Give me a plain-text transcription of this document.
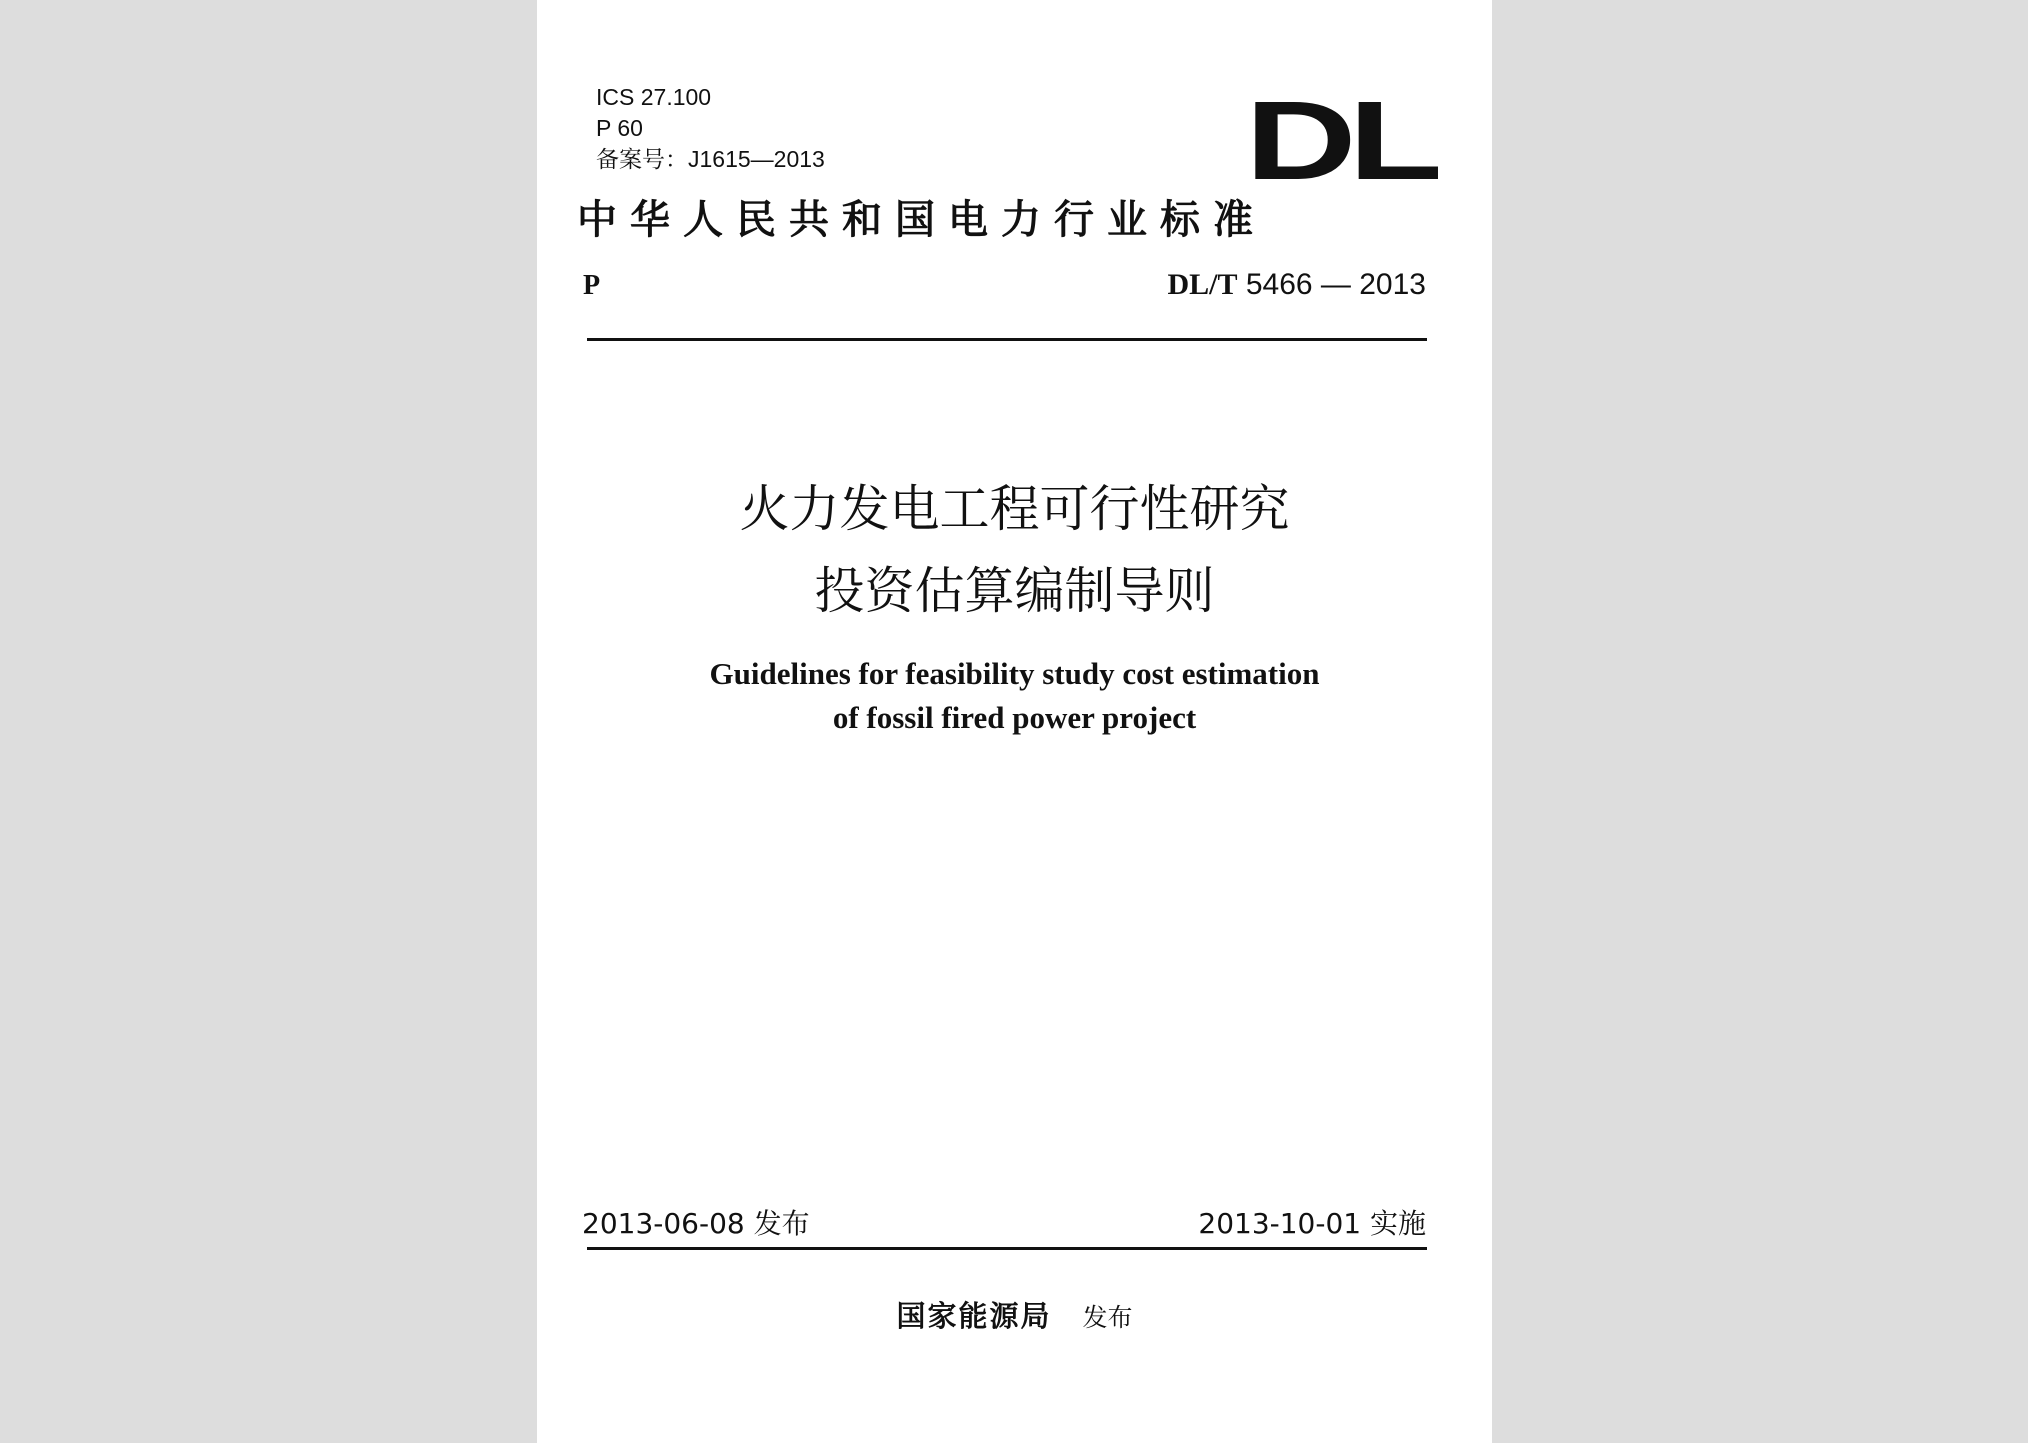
ICS 27.100
P 60
备案号：J1615—2013	DL
中华人民共和国电力行业标准
P	DL/T 5466 — 2013
火力发电工程可行性研究
投资估算编制导则
Guidelines for feasibility study cost estimation
of fossil fired power project
2013-06-08 发布	2013-10-01 实施
国家能源局 发布
